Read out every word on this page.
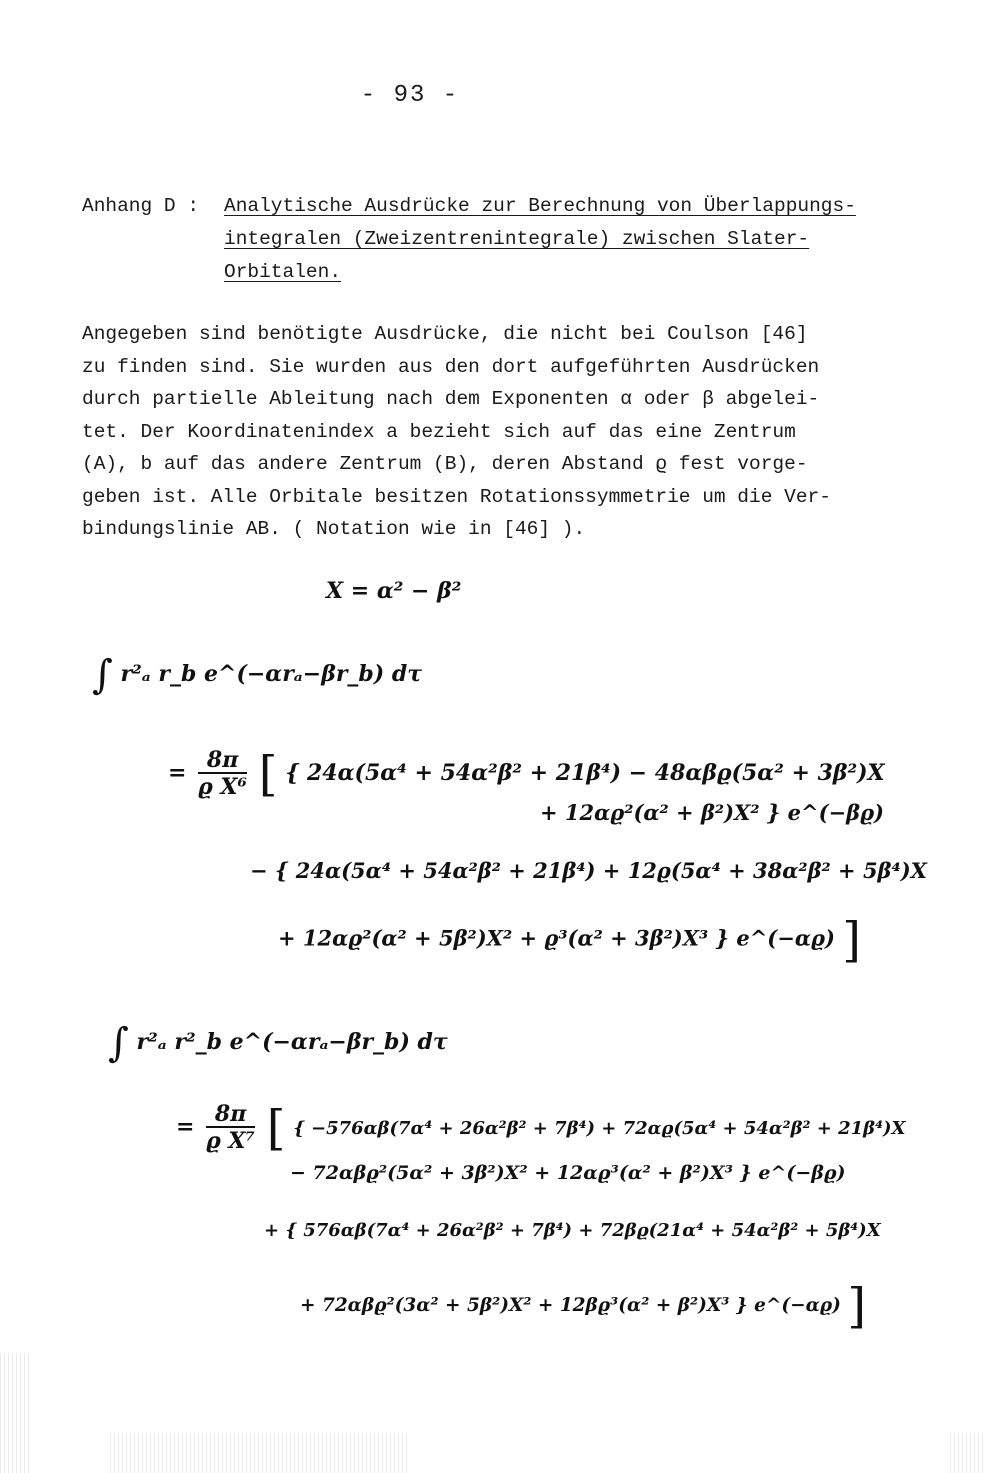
- 93 -
Anhang D : Analytische Ausdrücke zur Berechnung von Überlappungs-
integralen (Zweizentrenintegrale) zwischen Slater-
Orbitalen.
Angegeben sind benötigte Ausdrücke, die nicht bei Coulson [46]
zu finden sind. Sie wurden aus den dort aufgeführten Ausdrücken
durch partielle Ableitung nach dem Exponenten α oder β abgelei-
tet. Der Koordinatenindex a bezieht sich auf das eine Zentrum
(A), b auf das andere Zentrum (B), deren Abstand ϱ fest vorge-
geben ist. Alle Orbitale besitzen Rotationssymmetrie um die Ver-
bindungslinie AB. ( Notation wie in [46] ).
X = α² − β²
∫ r²ₐ r_b e^(−αrₐ−βr_b) dτ
= $\frac{8\pi}{\text{ϱ X⁶}}$ [ { 24α(5α⁴ + 54α²β² + 21β⁴) − 48αβϱ(5α² + 3β²)X
+ 12αϱ²(α² + β²)X² } e^(−βϱ)
− { 24α(5α⁴ + 54α²β² + 21β⁴) + 12ϱ(5α⁴ + 38α²β² + 5β⁴)X
+ 12αϱ²(α² + 5β²)X² + ϱ³(α² + 3β²)X³ } e^(−αϱ) ]
∫ r²ₐ r²_b e^(−αrₐ−βr_b) dτ
= $\frac{8\pi}{\text{ϱ X⁷}}$ [ { −576αβ(7α⁴ + 26α²β² + 7β⁴) + 72αϱ(5α⁴ + 54α²β² + 21β⁴)X
− 72αβϱ²(5α² + 3β²)X² + 12αϱ³(α² + β²)X³ } e^(−βϱ)
+ { 576αβ(7α⁴ + 26α²β² + 7β⁴) + 72βϱ(21α⁴ + 54α²β² + 5β⁴)X
+ 72αβϱ²(3α² + 5β²)X² + 12βϱ³(α² + β²)X³ } e^(−αϱ) ]
